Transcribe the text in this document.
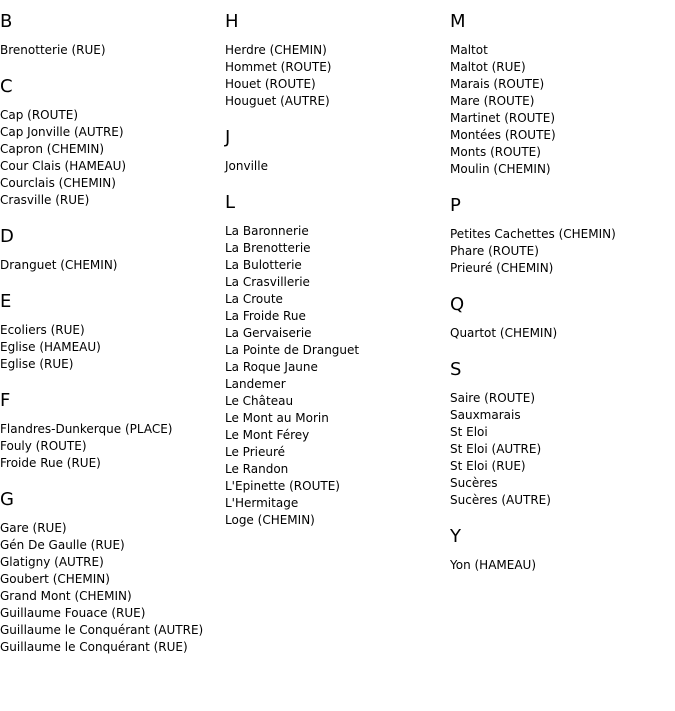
B
Brenotterie (RUE)
C
Cap (ROUTE)
Cap Jonville (AUTRE)
Capron (CHEMIN)
Cour Clais (HAMEAU)
Courclais (CHEMIN)
Crasville (RUE)
D
Dranguet (CHEMIN)
E
Ecoliers (RUE)
Eglise (HAMEAU)
Eglise (RUE)
F
Flandres-Dunkerque (PLACE)
Fouly (ROUTE)
Froide Rue (RUE)
G
Gare (RUE)
Gén De Gaulle (RUE)
Glatigny (AUTRE)
Goubert (CHEMIN)
Grand Mont (CHEMIN)
Guillaume Fouace (RUE)
Guillaume le Conquérant (AUTRE)
Guillaume le Conquérant (RUE)
H
Herdre (CHEMIN)
Hommet (ROUTE)
Houet (ROUTE)
Houguet (AUTRE)
J
Jonville
L
La Baronnerie
La Brenotterie
La Bulotterie
La Crasvillerie
La Croute
La Froide Rue
La Gervaiserie
La Pointe de Dranguet
La Roque Jaune
Landemer
Le Château
Le Mont au Morin
Le Mont Férey
Le Prieuré
Le Randon
L'Epinette (ROUTE)
L'Hermitage
Loge (CHEMIN)
M
Maltot
Maltot (RUE)
Marais (ROUTE)
Mare (ROUTE)
Martinet (ROUTE)
Montées (ROUTE)
Monts (ROUTE)
Moulin (CHEMIN)
P
Petites Cachettes (CHEMIN)
Phare (ROUTE)
Prieuré (CHEMIN)
Q
Quartot (CHEMIN)
S
Saire (ROUTE)
Sauxmarais
St Eloi
St Eloi (AUTRE)
St Eloi (RUE)
Sucères
Sucères (AUTRE)
Y
Yon (HAMEAU)
